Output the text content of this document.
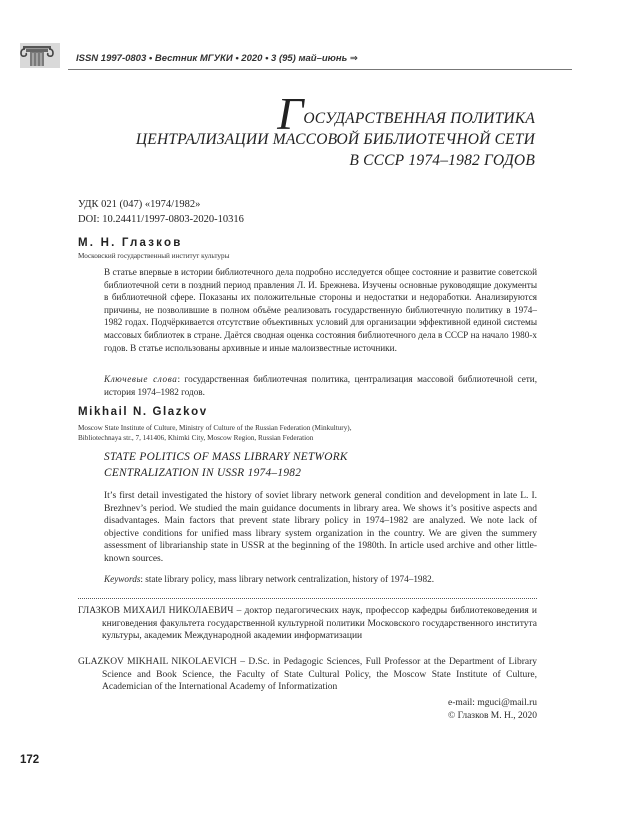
ISSN 1997-0803 • Вестник МГУКИ • 2020 • 3 (95) май–июнь ⇒
ГОСУДАРСТВЕННАЯ ПОЛИТИКА
ЦЕНТРАЛИЗАЦИИ МАССОВОЙ БИБЛИОТЕЧНОЙ СЕТИ
В СССР 1974–1982 ГОДОВ
УДК 021 (047) «1974/1982»
DOI: 10.24411/1997-0803-2020-10316
М. Н. Глазков
Московский государственный институт культуры
В статье впервые в истории библиотечного дела подробно исследуется общее состояние и развитие советской библиотечной сети в поздний период правления Л. И. Брежнева. Изучены основные руководящие документы в библиотечной сфере. Показаны их положительные стороны и недостатки и недоработки. Анализируются причины, не позволившие в полном объёме реализовать государственную библиотечную политику в 1974–1982 годах. Подчёркивается отсутствие объективных условий для организации эффективной единой системы массовых библиотек в стране. Даётся сводная оценка состояния библиотечного дела в СССР на начало 1980-х годов. В статье использованы архивные и иные малоизвестные источники.
Ключевые слова: государственная библиотечная политика, централизация массовой библиотечной сети, история 1974–1982 годов.
Mikhail N. Glazkov
Moscow State Institute of Culture, Ministry of Culture of the Russian Federation (Minkultury),
Bibliotechnaya str., 7, 141406, Khimki City, Moscow Region, Russian Federation
STATE POLITICS OF MASS LIBRARY NETWORK
CENTRALIZATION IN USSR 1974–1982
It’s first detail investigated the history of soviet library network general condition and development in late L. I. Brezhnev’s period. We studied the main guidance documents in library area. We shows it’s positive aspects and disadvantages. Main factors that prevent state library policy in 1974–1982 are analyzed. We note lack of objective conditions for unified mass library system organization in the country. We are given the summery assessment of librarianship state in USSR at the beginning of the 1980th. In article used archive and other little-known sources.
Keywords: state library policy, mass library network centralization, history of 1974–1982.
ГЛАЗКОВ МИХАИЛ НИКОЛАЕВИЧ – доктор педагогических наук, профессор кафедры библиотековедения и книговедения факультета государственной культурной политики Московского государственного института культуры, академик Международной академии информатизации
GLAZKOV MIKHAIL NIKOLAEVICH – D.Sc. in Pedagogic Sciences, Full Professor at the Department of Library Science and Book Science, the Faculty of State Cultural Policy, the Moscow State Institute of Culture, Academician of the International Academy of Informatization
e-mail: mguci@mail.ru
© Глазков М. Н., 2020
172
